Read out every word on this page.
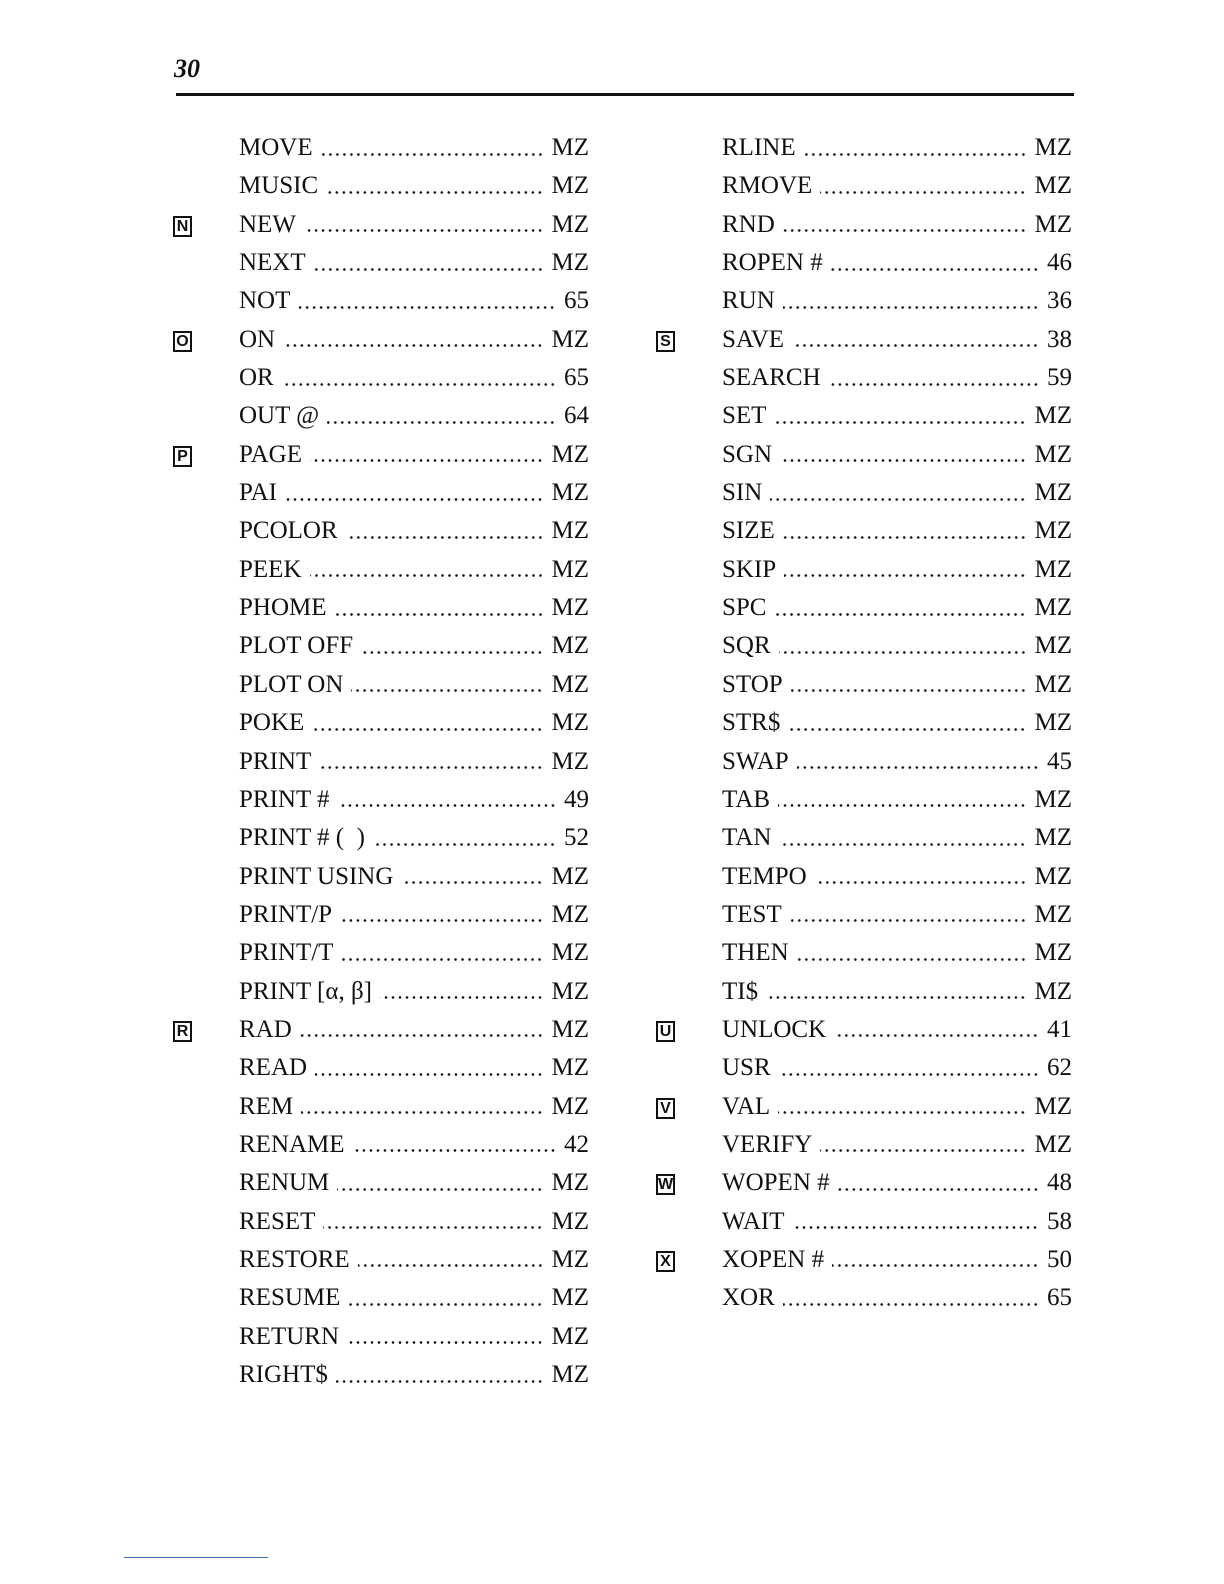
30
MOVE	MZ
MUSIC	MZ
N NEW	MZ
NEXT	MZ
NOT	65
O ON	MZ
OR	65
OUT @	64
P PAGE	MZ
PAI	MZ
PCOLOR	MZ
PEEK	MZ
PHOME	MZ
PLOT OFF	MZ
PLOT ON	MZ
POKE	MZ
PRINT	MZ
PRINT #	49
PRINT # (  )	52
PRINT USING	MZ
PRINT/P	MZ
PRINT/T	MZ
PRINT [α, β]	MZ
R RAD	MZ
READ	MZ
REM	MZ
RENAME	42
RENUM	MZ
RESET	MZ
RESTORE	MZ
RESUME	MZ
RETURN	MZ
RIGHT$	MZ
RLINE	MZ
RMOVE	MZ
RND	MZ
ROPEN #	46
RUN	36
S SAVE	38
SEARCH	59
SET	MZ
SGN	MZ
SIN	MZ
SIZE	MZ
SKIP	MZ
SPC	MZ
SQR	MZ
STOP	MZ
STR$	MZ
SWAP	45
TAB	MZ
TAN	MZ
TEMPO	MZ
TEST	MZ
THEN	MZ
TI$	MZ
U UNLOCK	41
USR	62
V VAL	MZ
VERIFY	MZ
W WOPEN #	48
WAIT	58
X XOPEN #	50
XOR	65
